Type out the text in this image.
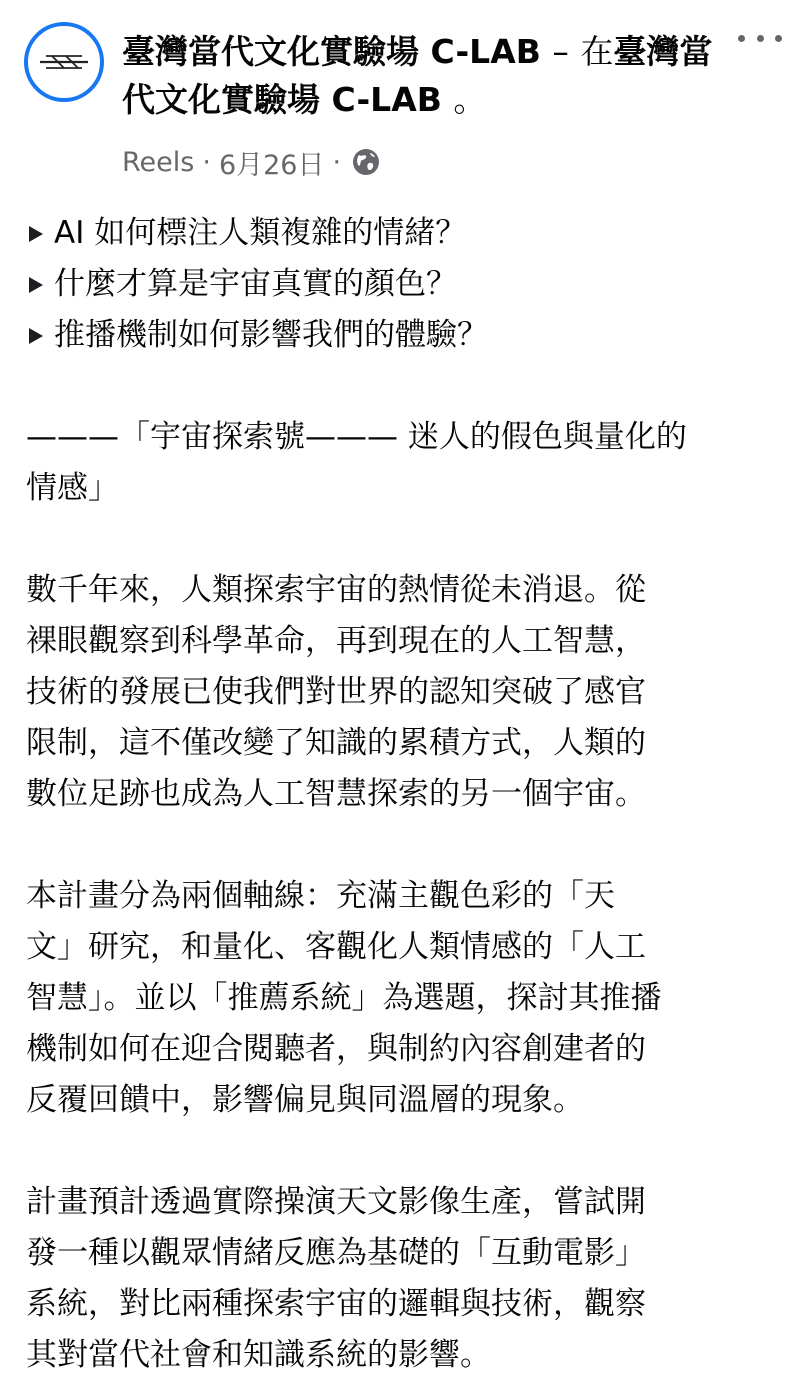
臺灣當代文化實驗場 C-LAB – 在臺灣當代文化實驗場 C-LAB 。
Reels · 6月26日 ·
AI 如何標注人類複雜的情緒？
什麼才算是宇宙真實的顏色？
推播機制如何影響我們的體驗？

———「宇宙探索號——— 迷人的假色與量化的

情感」

數千年來，人類探索宇宙的熱情從未消退。從

裸眼觀察到科學革命，再到現在的人工智慧，

技術的發展已使我們對世界的認知突破了感官

限制，這不僅改變了知識的累積方式，人類的

數位足跡也成為人工智慧探索的另一個宇宙。

本計畫分為兩個軸線：充滿主觀色彩的「天

文」研究，和量化、客觀化人類情感的「人工

智慧」。並以「推薦系統」為選題，探討其推播

機制如何在迎合閱聽者，與制約內容創建者的

反覆回饋中，影響偏見與同溫層的現象。

計畫預計透過實際操演天文影像生產，嘗試開

發一種以觀眾情緒反應為基礎的「互動電影」

系統，對比兩種探索宇宙的邏輯與技術，觀察

其對當代社會和知識系統的影響。
